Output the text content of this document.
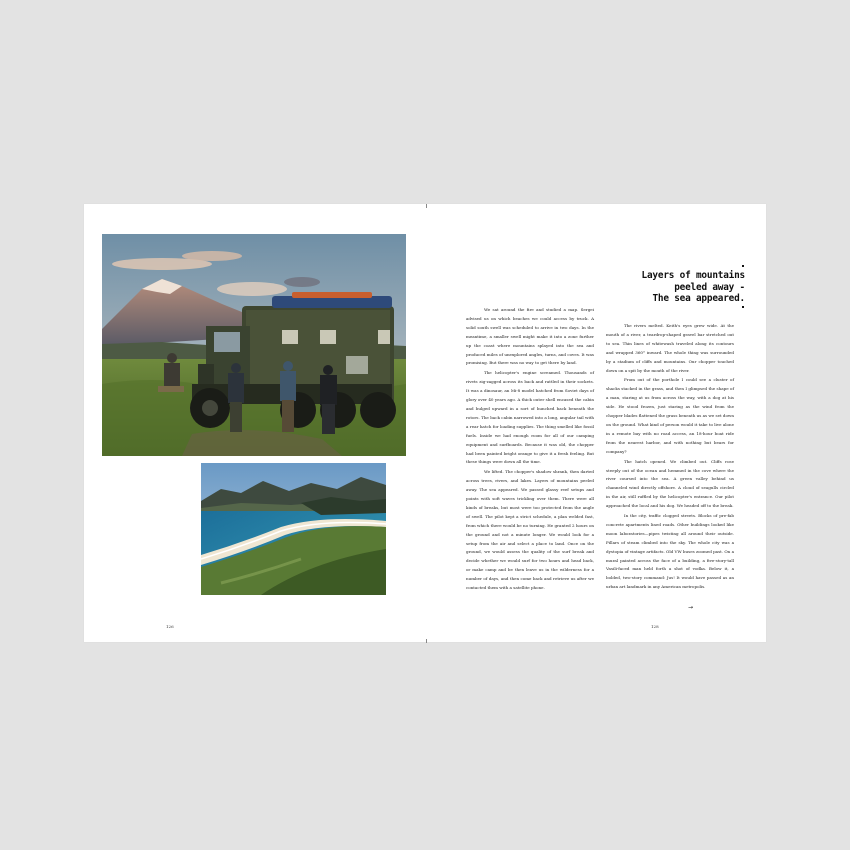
Layers of mountains
peeled away -
The sea appeared.

We sat around the fire and studied a map. Sergei advised us on which beaches we could access by truck. A solid south swell was scheduled to arrive in two days. In the meantime, a smaller swell might make it into a zone further up the coast where mountains splayed into the sea and produced miles of unexplored angles, turns, and coves. It was promising. But there was no way to get there by land.

The helicopter's engine screamed. Thousands of rivets zig-zagged across its back and rattled in their sockets. It was a dinosaur, an Mi-8 model hatched from Soviet days of glory over 40 years ago. A thick outer shell encased the cabin and bulged upward in a sort of hunched back beneath the rotors. The back cabin narrowed into a long, angular tail with a rear hatch for loading supplies. The thing smelled like fossil fuels. Inside we had enough room for all of our camping equipment and surfboards. Because it was old, the chopper had been painted bright orange to give it a fresh feeling. But these things were down all the time.

We lifted. The chopper's shadow shrank, then darted across trees, rivers, and lakes. Layers of mountains peeled away. The sea appeared. We passed glassy reef setups and points with soft waves trickling over them. There were all kinds of breaks, but most were too protected from the angle of swell. The pilot kept a strict schedule, a plan welded fast, from which there would be no turning. He granted 2 hours on the ground and not a minute longer. We would look for a setup from the air and select a place to land. Once on the ground, we would assess the quality of the surf break and decide whether we would surf for two hours and head back, or make camp and be then leave us in the wilderness for a number of days, and then come back and retrieve us after we contacted them with a satellite phone.

The rivers melted. Keith's eyes grew wide. At the mouth of a river, a teardrop-shaped gravel bar stretched out to sea. Thin lines of whitewash traveled along its contours and wrapped 360° inward. The whole thing was surrounded by a stadium of cliffs and mountains. Our chopper touched down on a spit by the mouth of the river.

From out of the porthole I could see a cluster of shacks stacked in the grass, and then I glimpsed the shape of a man, staring at us from across the way, with a dog at his side. He stood frozen, just staring as the wind from the chopper blades flattened the grass beneath us as we set down on the ground. What kind of person would it take to live alone in a remote bay with no road access, an 18-hour boat ride from the nearest harbor, and with nothing but bears for company?

The hatch opened. We climbed out. Cliffs rose steeply out of the ocean and hemmed in the cove where the river coursed into the sea. A green valley behind us channeled wind directly offshore. A cloud of seagulls circled in the air, still ruffled by the helicopter's entrance. Our pilot approached the local and his dog. We headed off to the break.

In the city, traffic clogged streets. Blocks of pre-fab concrete apartments lined roads. Other buildings looked like moon laboratories—pipes twisting all around their outside. Pillars of steam climbed into the sky. The whole city was a dystopia of vintage artifacts. Old VW buses zoomed past. On a mural painted across the face of a building, a five-story-tall Vasili-faced man held forth a shot of vodka. Below it, a bolded, two-story command: Jus! It would have passed as an urban art landmark in any American metropolis.

→
126	128
